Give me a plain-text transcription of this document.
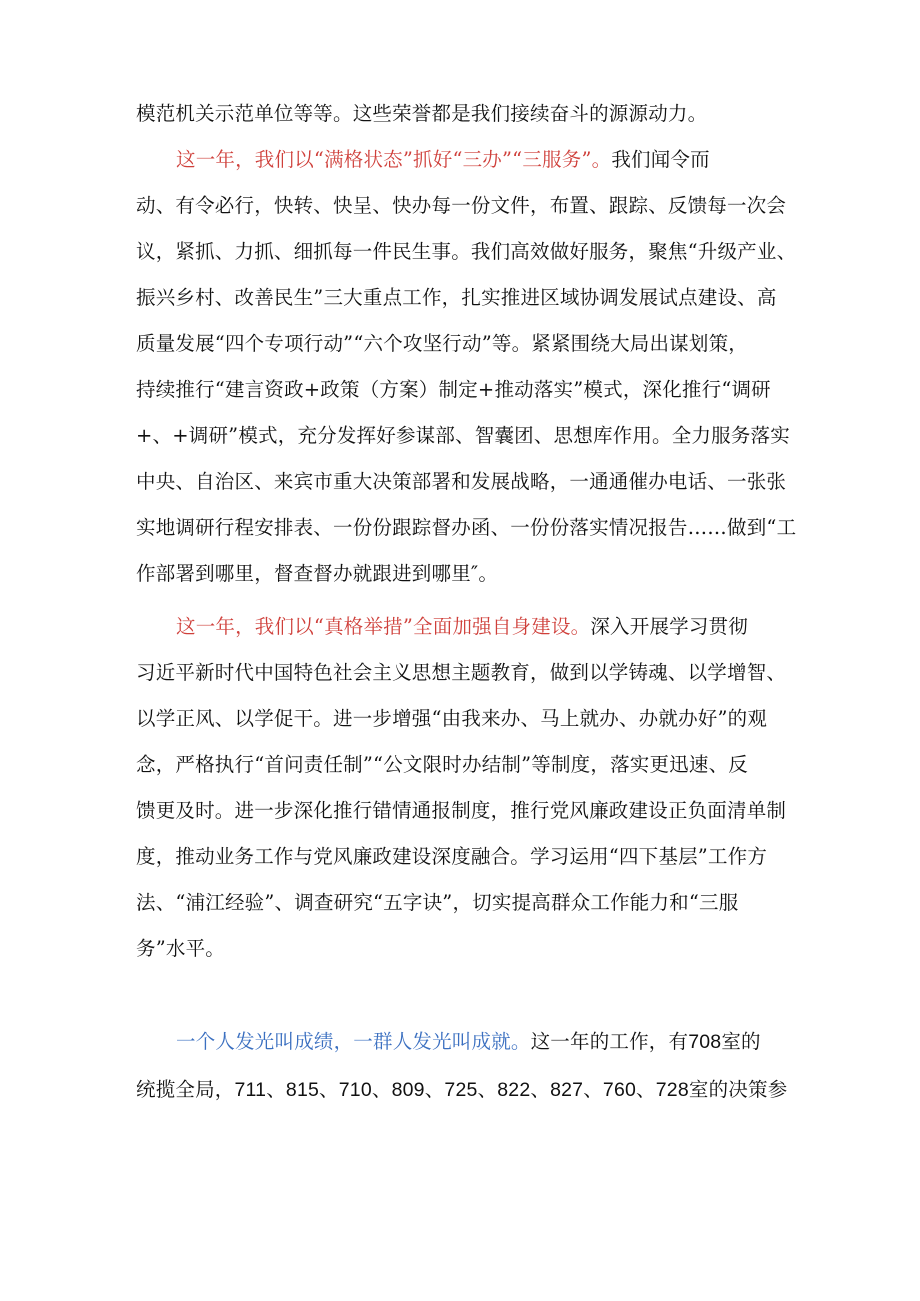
模范机关示范单位等等。这些荣誉都是我们接续奋斗的源源动力。
这一年，我们以“满格状态”抓好“三办”“三服务”。我们闻令而
动、有令必行，快转、快呈、快办每一份文件，布置、跟踪、反馈每一次会
议，紧抓、力抓、细抓每一件民生事。我们高效做好服务，聚焦“升级产业、
振兴乡村、改善民生”三大重点工作，扎实推进区域协调发展试点建设、高
质量发展“四个专项行动”“六个攻坚行动”等。紧紧围绕大局出谋划策，
持续推行“建言资政+政策（方案）制定+推动落实”模式，深化推行“调研
+、+调研”模式，充分发挥好参谋部、智囊团、思想库作用。全力服务落实
中央、自治区、来宾市重大决策部署和发展战略，一通通催办电话、一张张
实地调研行程安排表、一份份跟踪督办函、一份份落实情况报告……做到“工
作部署到哪里，督查督办就跟进到哪里″。
这一年，我们以“真格举措”全面加强自身建设。深入开展学习贯彻
习近平新时代中国特色社会主义思想主题教育，做到以学铸魂、以学增智、
以学正风、以学促干。进一步增强“由我来办、马上就办、办就办好”的观
念，严格执行“首问责任制”“公文限时办结制”等制度，落实更迅速、反
馈更及时。进一步深化推行错情通报制度，推行党风廉政建设正负面清单制
度，推动业务工作与党风廉政建设深度融合。学习运用“四下基层”工作方
法、“浦江经验”、调查研究“五字诀”，切实提高群众工作能力和“三服
务”水平。
一个人发光叫成绩，一群人发光叫成就。这一年的工作，有708室的
统揽全局，711、815、710、809、725、822、827、760、728室的决策参
